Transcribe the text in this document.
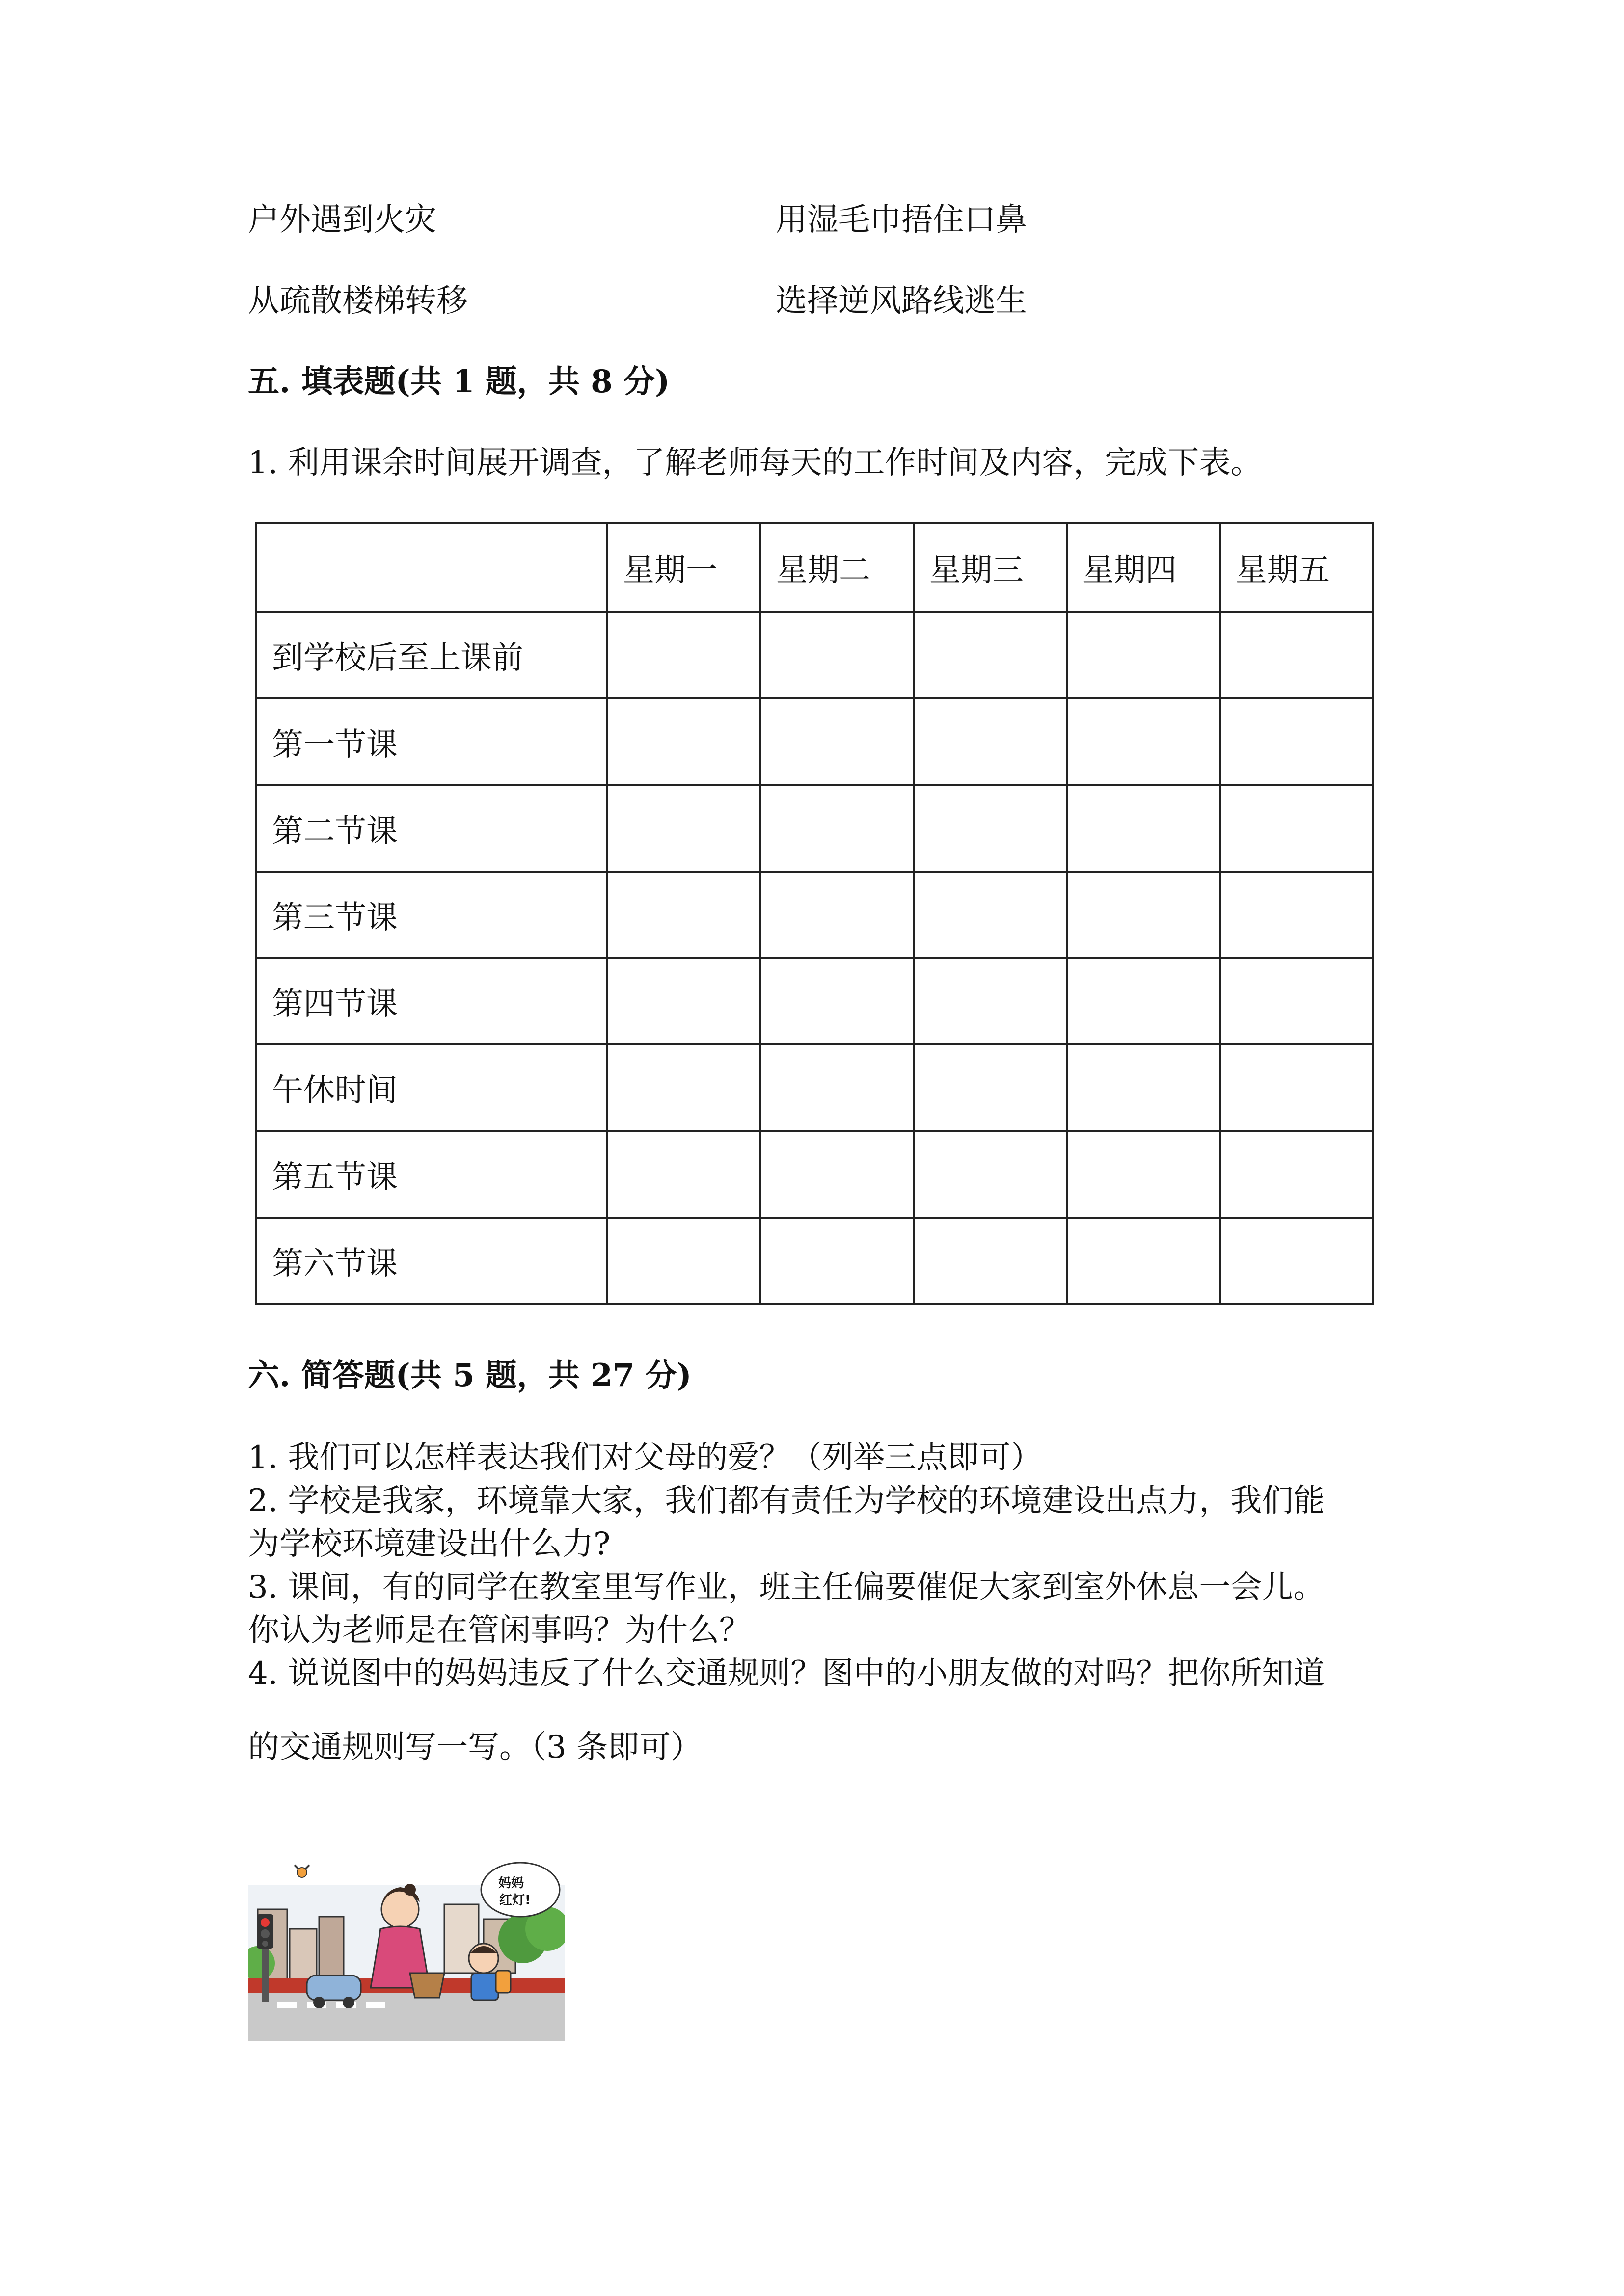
户外遇到火灾	用湿毛巾捂住口鼻
从疏散楼梯转移	选择逆风路线逃生
五. 填表题(共 1 题，共 8 分)
1. 利用课余时间展开调查，了解老师每天的工作时间及内容，完成下表。
	星期一	星期二	星期三	星期四	星期五
到学校后至上课前					
第一节课					
第二节课					
第三节课					
第四节课					
午休时间					
第五节课					
第六节课					
六. 简答题(共 5 题，共 27 分)
1. 我们可以怎样表达我们对父母的爱？（列举三点即可）
2. 学校是我家，环境靠大家，我们都有责任为学校的环境建设出点力，我们能
为学校环境建设出什么力?
3. 课间，有的同学在教室里写作业，班主任偏要催促大家到室外休息一会儿。
你认为老师是在管闲事吗？为什么？
4. 说说图中的妈妈违反了什么交通规则？图中的小朋友做的对吗？把你所知道
的交通规则写一写。（3 条即可）
妈妈
红灯!
